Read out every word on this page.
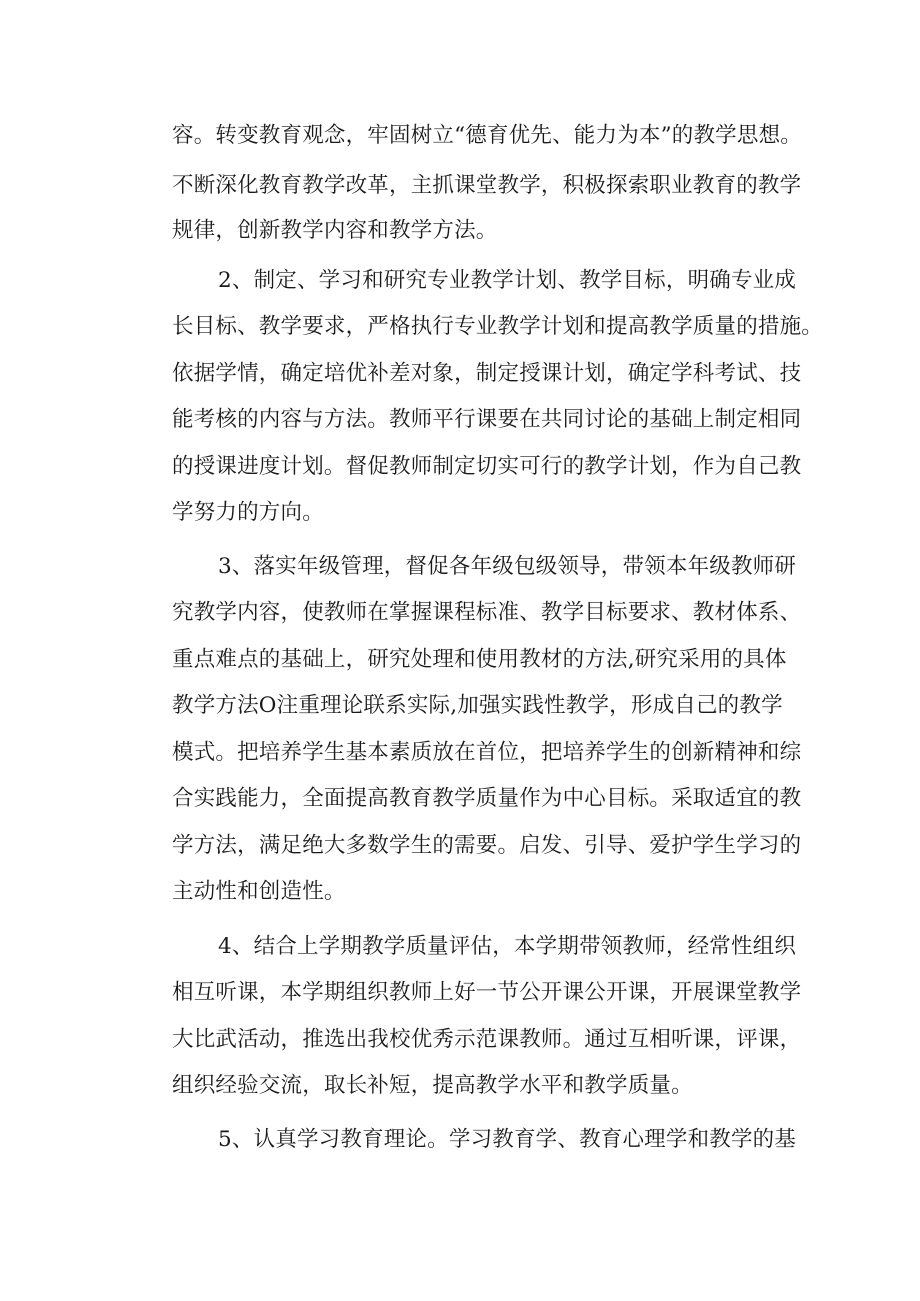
容。转变教育观念，牢固树立“德育优先、能力为本”的教学思想。
不断深化教育教学改革，主抓课堂教学，积极探索职业教育的教学
规律，创新教学内容和教学方法。
2、制定、学习和研究专业教学计划、教学目标，明确专业成
长目标、教学要求，严格执行专业教学计划和提高教学质量的措施。
依据学情，确定培优补差对象，制定授课计划，确定学科考试、技
能考核的内容与方法。教师平行课要在共同讨论的基础上制定相同
的授课进度计划。督促教师制定切实可行的教学计划，作为自己教
学努力的方向。
3、落实年级管理，督促各年级包级领导，带领本年级教师研
究教学内容，使教师在掌握课程标准、教学目标要求、教材体系、
重点难点的基础上，研究处理和使用教材的方法,研究采用的具体
教学方法O注重理论联系实际,加强实践性教学，形成自己的教学
模式。把培养学生基本素质放在首位，把培养学生的创新精神和综
合实践能力，全面提高教育教学质量作为中心目标。采取适宜的教
学方法，满足绝大多数学生的需要。启发、引导、爱护学生学习的
主动性和创造性。
4、结合上学期教学质量评估，本学期带领教师，经常性组织
相互听课，本学期组织教师上好一节公开课公开课，开展课堂教学
大比武活动，推选出我校优秀示范课教师。通过互相听课，评课，
组织经验交流，取长补短，提高教学水平和教学质量。
5、认真学习教育理论。学习教育学、教育心理学和教学的基
